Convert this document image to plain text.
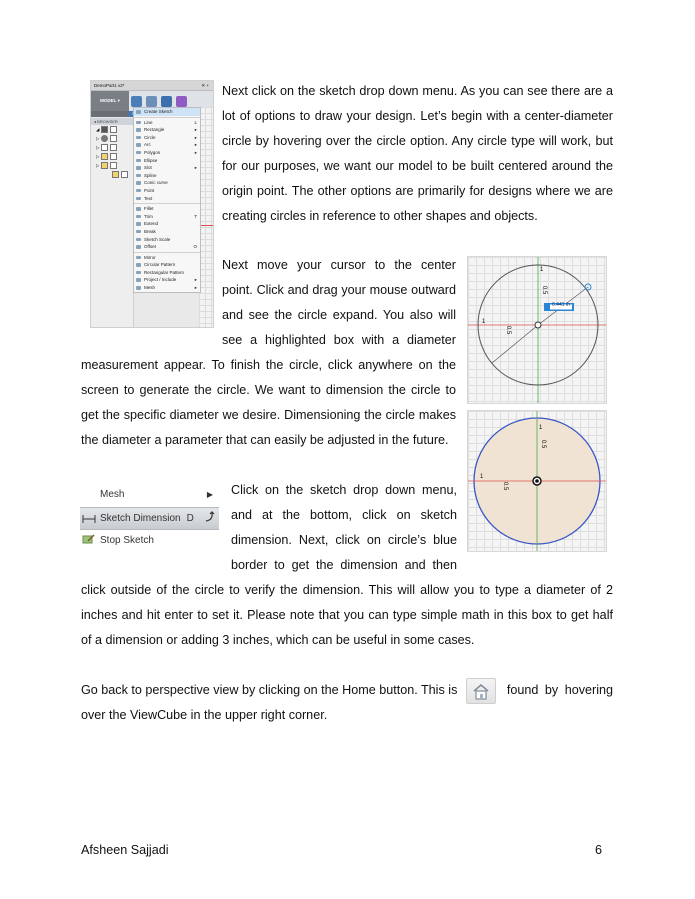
Next click on the sketch drop down menu. As you can see there are a
lot of options to draw your design. Let’s begin with a center-diameter
circle by hovering over the circle option. Any circle type will work, but
for our purposes, we want our model to be built centered around the
origin point. The other options are primarily for designs where we are
creating circles in reference to other shapes and objects.
Next move your cursor to the center
point. Click and drag your mouse outward
and see the circle expand. You also will
see a highlighted box with a diameter
measurement appear. To finish the circle, click anywhere on the
screen to generate the circle. We want to dimension the circle to
get the specific diameter we desire. Dimensioning the circle makes
the diameter a parameter that can easily be adjusted in the future.
Click on the sketch drop down menu,
and at the bottom, click on sketch
dimension. Next, click on circle’s blue
border to get the dimension and then
click outside of the circle to verify the dimension. This will allow you to type a diameter of 2
inches and hit enter to set it. Please note that you can type simple math in this box to get half
of a dimension or adding 3 inches, which can be useful in some cases.
Go back to perspective view by clicking on the Home button. This is	found by hovering
over the ViewCube in the upper right corner.
DemoPart1 v2*	✕ +
MODEL ▾
◂ BROWSER
◢
▷
▷
▷
▷
Create Sketch
Line	L
Rectangle	▸
Circle	▸
Arc	▸
Polygon	▸
Ellipse
Slot	▸
Spline
Conic curve
Point
Text
Fillet
Trim	T
Extend
Break
Sketch Scale
Offset	O
Mirror
Circular Pattern
Rectangular Pattern
Project / Include	▸
Mesh	▸
0.441 in
0.5
0.5
1
1
0.5
0.5
1
1
Mesh	▶
Sketch Dimension D
Stop Sketch
Afsheen Sajjadi	6
